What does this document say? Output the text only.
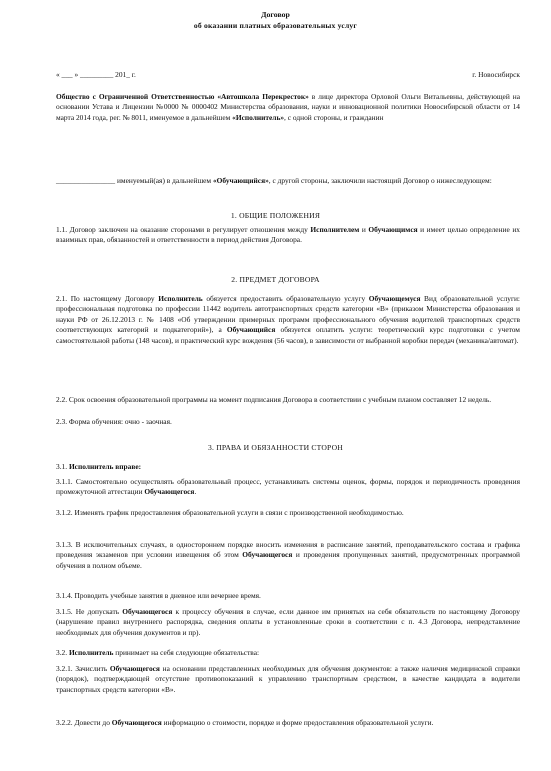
Договор
об оказании платных образовательных услуг
« ___ » _________ 201_ г.	г. Новосибирск
Общество с Ограниченной Ответственностью «Автошкола Перекресток» в лице директора Орловой Ольги Витальевны, действующей на основании Устава и Лицензии №0000 № 0000402 Министерства образования, науки и инновационной политики Новосибирской области от 14 марта 2014 года, рег. № 8011, именуемое в дальнейшем «Исполнитель», с одной стороны, и гражданин
________________ именуемый(ая) в дальнейшем «Обучающийся», с другой стороны, заключили настоящий Договор о нижеследующем:
1. ОБЩИЕ ПОЛОЖЕНИЯ
1.1. Договор заключен на оказание сторонами в регулирует отношения между Исполнителем и Обучающимся и имеет целью определение их взаимных прав, обязанностей и ответственности в период действия Договора.
2. ПРЕДМЕТ ДОГОВОРА
2.1. По настоящему Договору Исполнитель обязуется предоставить образовательную услугу Обучающемуся Вид образовательной услуги: профессиональная подготовка по профессии 11442 водитель автотранспортных средств категории «В» (приказом Министерства образования и науки РФ от 26.12.2013 г. № 1408 «Об утверждении примерных программ профессионального обучения водителей транспортных средств соответствующих категорий и подкатегорий»), а Обучающийся обязуется оплатить услуги: теоретический курс подготовки с учетом самостоятельной работы (148 часов), и практический курс вождения (56 часов), в зависимости от выбранной коробки передач (механика/автомат).
2.2. Срок освоения образовательной программы на момент подписания Договора в соответствии с учебным планом составляет 12 недель.
2.3. Форма обучения: очно - заочная.
3. ПРАВА И ОБЯЗАННОСТИ СТОРОН
3.1. Исполнитель вправе:
3.1.1. Самостоятельно осуществлять образовательный процесс, устанавливать системы оценок, формы, порядок и периодичность проведения промежуточной аттестации Обучающегося.
3.1.2. Изменять график предоставления образовательной услуги в связи с производственной необходимостью.
3.1.3. В исключительных случаях, в одностороннем порядке вносить изменения в расписание занятий, преподавательского состава и графика проведения экзаменов при условии извещения об этом Обучающегося и проведения пропущенных занятий, предусмотренных программой обучения в полном объеме.
3.1.4. Проводить учебные занятия в дневное или вечернее время.
3.1.5. Не допускать Обучающегося к процессу обучения в случае, если данное им принятых на себя обязательств по настоящему Договору (нарушение правил внутреннего распорядка, сведения оплаты в установленные сроки в соответствии с п. 4.3 Договора, непредставление необходимых для обучения документов и пр).
3.2. Исполнитель принимает на себя следующие обязательства:
3.2.1. Зачислить Обучающегося на основании представленных необходимых для обучения документов: а также наличия медицинской справки (порядок), подтверждающей отсутствие противопоказаний к управлению транспортным средством, в качестве кандидата в водители транспортных средств категории «В».
3.2.2. Довести до Обучающегося информацию о стоимости, порядке и форме предоставления образовательной услуги.
